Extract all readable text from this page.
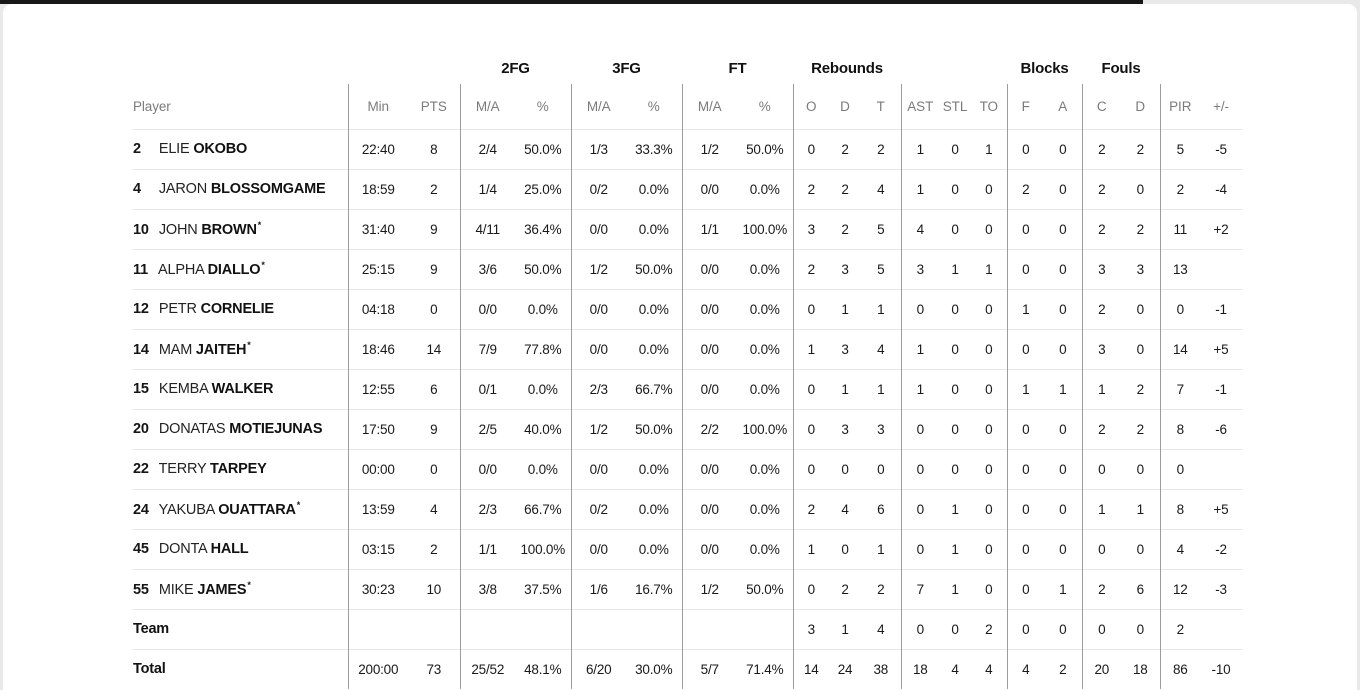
			2FG		3FG		FT		Rebounds						Blocks		Fouls			
Player	Min	PTS	M/A	%	M/A	%	M/A	%	O	D	T	AST	STL	TO	F	A	C	D	PIR	+/-
2 ELIE OKOBO	22:40	8	2/4	50.0%	1/3	33.3%	1/2	50.0%	0	2	2	1	0	1	0	0	2	2	5	-5
4 JARON BLOSSOMGAME	18:59	2	1/4	25.0%	0/2	0.0%	0/0	0.0%	2	2	4	1	0	0	2	0	2	0	2	-4
10 JOHN BROWN*	31:40	9	4/11	36.4%	0/0	0.0%	1/1	100.0%	3	2	5	4	0	0	0	0	2	2	11	+2
11 ALPHA DIALLO*	25:15	9	3/6	50.0%	1/2	50.0%	0/0	0.0%	2	3	5	3	1	1	0	0	3	3	13	
12 PETR CORNELIE	04:18	0	0/0	0.0%	0/0	0.0%	0/0	0.0%	0	1	1	0	0	0	1	0	2	0	0	-1
14 MAM JAITEH*	18:46	14	7/9	77.8%	0/0	0.0%	0/0	0.0%	1	3	4	1	0	0	0	0	3	0	14	+5
15 KEMBA WALKER	12:55	6	0/1	0.0%	2/3	66.7%	0/0	0.0%	0	1	1	1	0	0	1	1	1	2	7	-1
20 DONATAS MOTIEJUNAS	17:50	9	2/5	40.0%	1/2	50.0%	2/2	100.0%	0	3	3	0	0	0	0	0	2	2	8	-6
22 TERRY TARPEY	00:00	0	0/0	0.0%	0/0	0.0%	0/0	0.0%	0	0	0	0	0	0	0	0	0	0	0	
24 YAKUBA OUATTARA*	13:59	4	2/3	66.7%	0/2	0.0%	0/0	0.0%	2	4	6	0	1	0	0	0	1	1	8	+5
45 DONTA HALL	03:15	2	1/1	100.0%	0/0	0.0%	0/0	0.0%	1	0	1	0	1	0	0	0	0	0	4	-2
55 MIKE JAMES*	30:23	10	3/8	37.5%	1/6	16.7%	1/2	50.0%	0	2	2	7	1	0	0	1	2	6	12	-3
Team									3	1	4	0	0	2	0	0	0	0	2	
Total	200:00	73	25/52	48.1%	6/20	30.0%	5/7	71.4%	14	24	38	18	4	4	4	2	20	18	86	-10
